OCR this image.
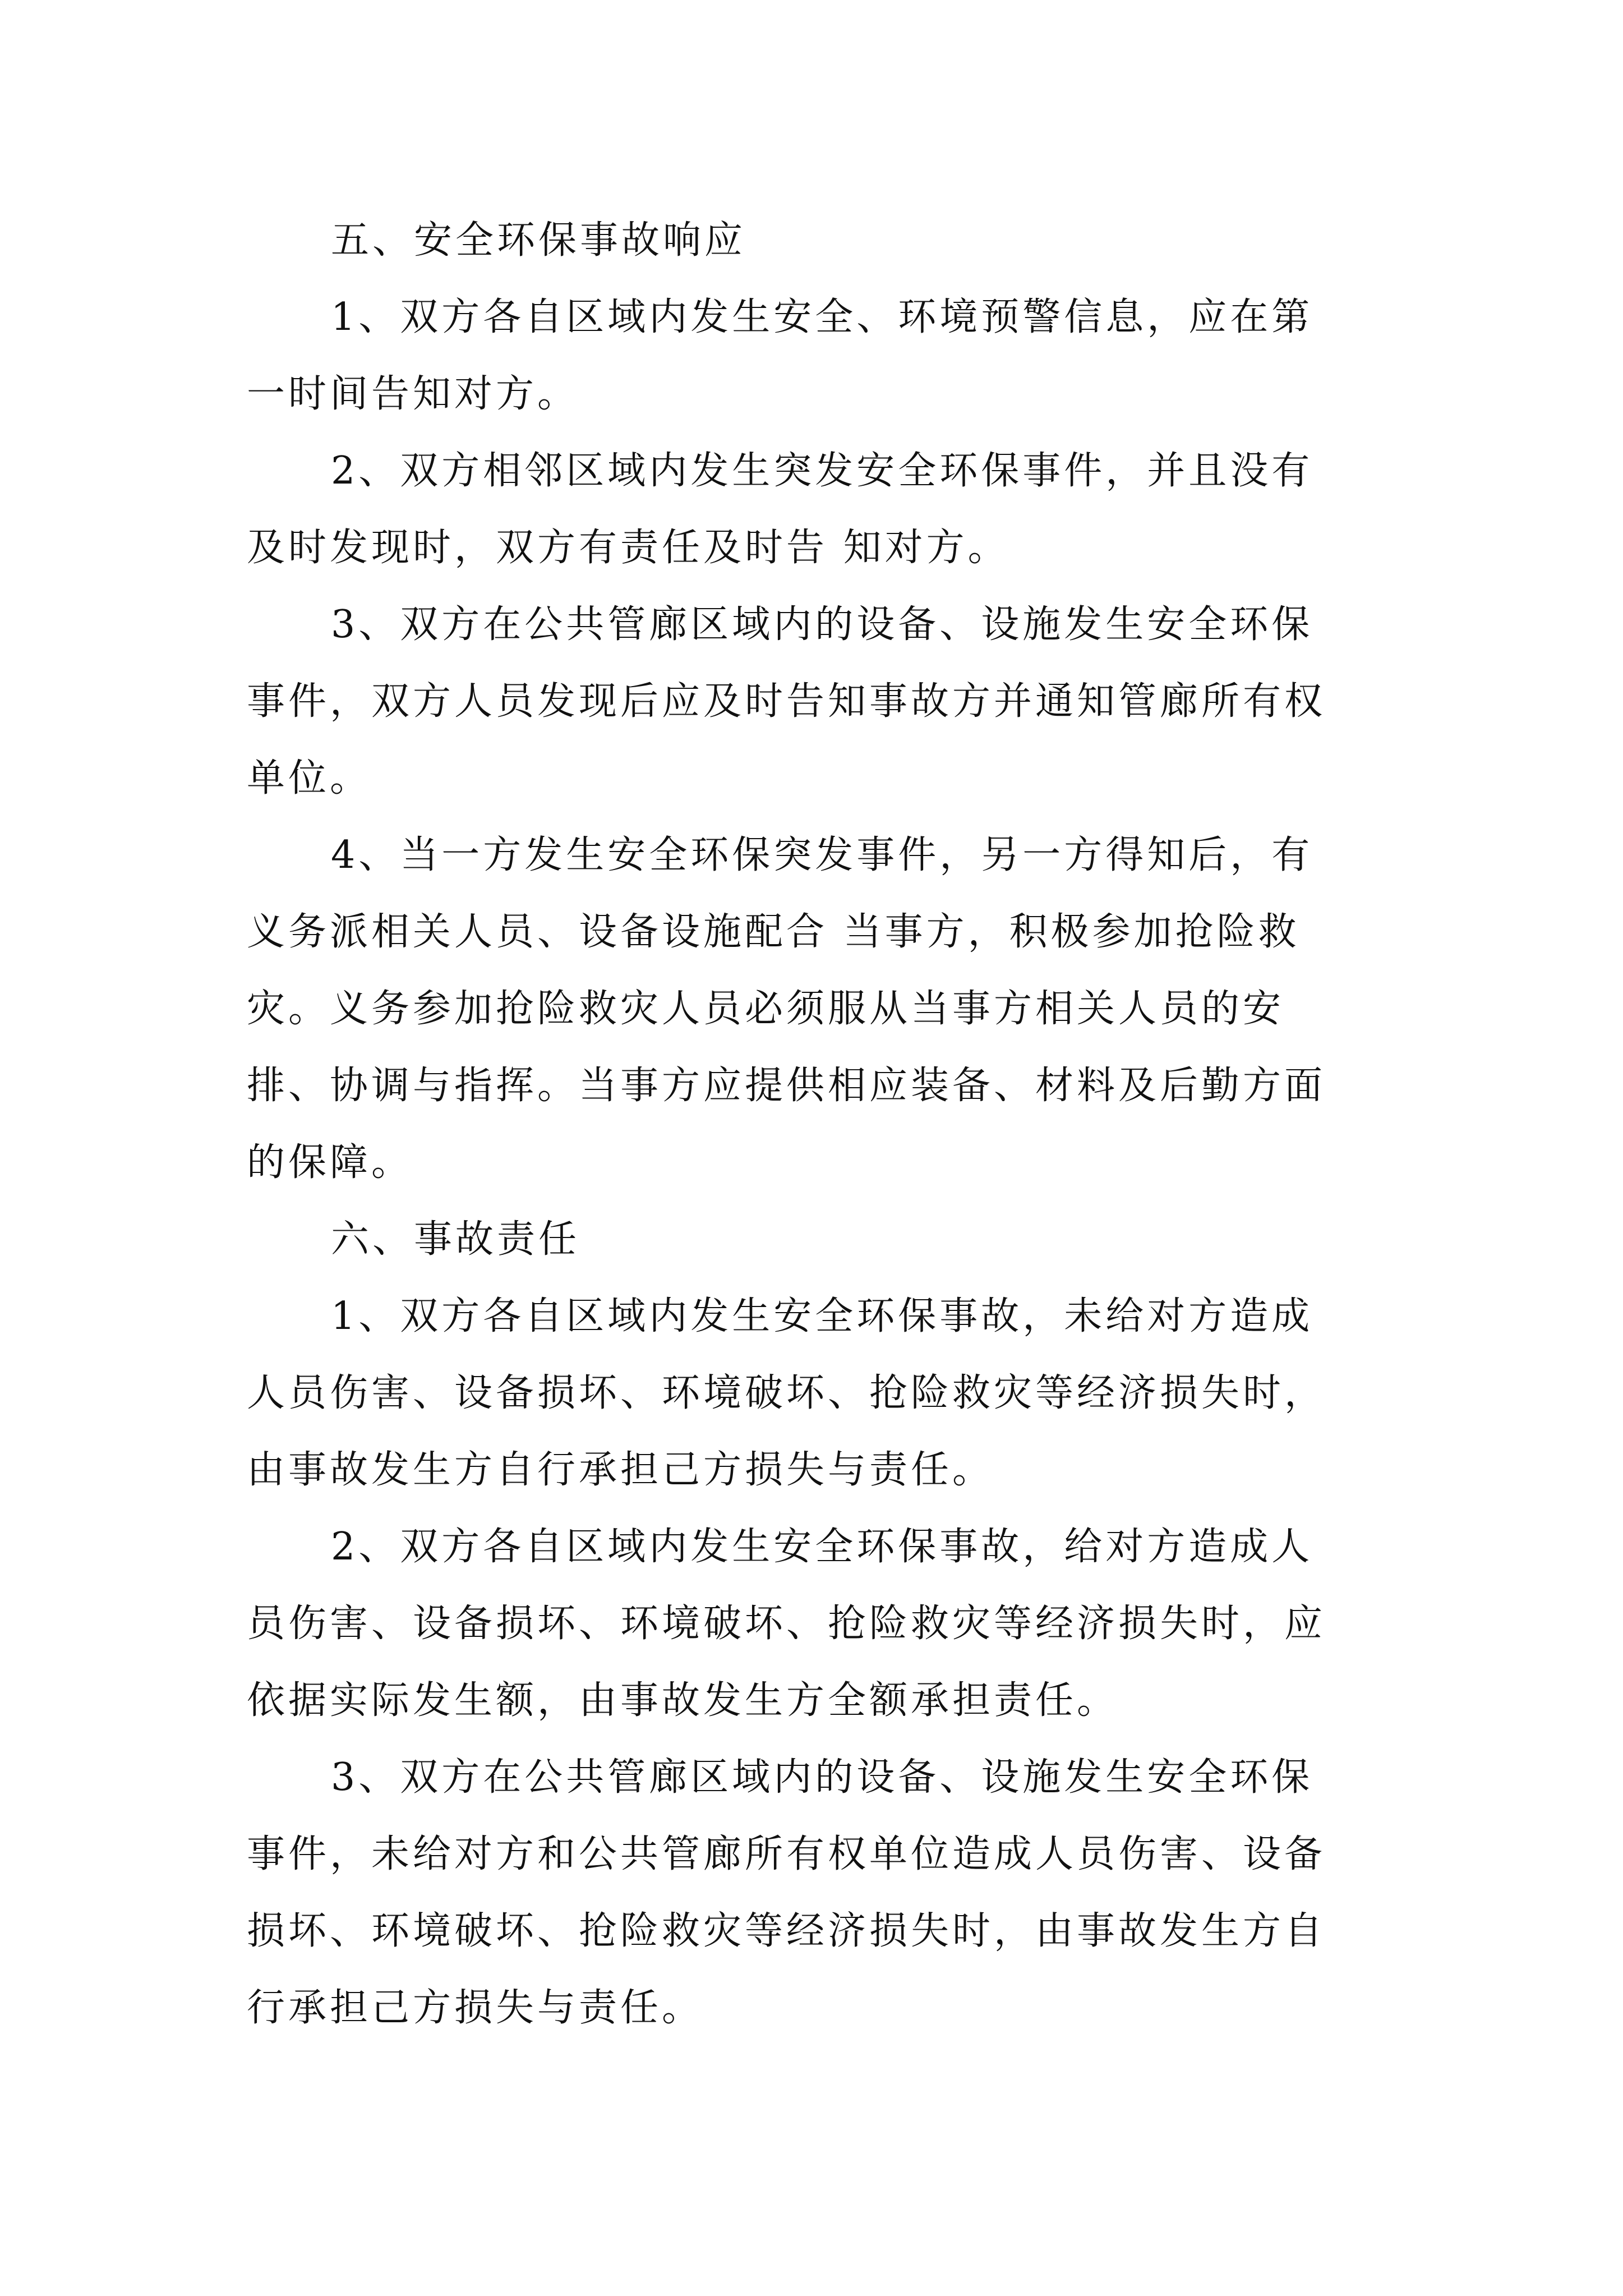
五、安全环保事故响应
1、双方各自区域内发生安全、环境预警信息，应在第
一时间告知对方。
2、双方相邻区域内发生突发安全环保事件，并且没有
及时发现时，双方有责任及时告 知对方。
3、双方在公共管廊区域内的设备、设施发生安全环保
事件，双方人员发现后应及时告知事故方并通知管廊所有权
单位。
4、当一方发生安全环保突发事件，另一方得知后，有
义务派相关人员、设备设施配合 当事方，积极参加抢险救
灾。义务参加抢险救灾人员必须服从当事方相关人员的安
排、协调与指挥。当事方应提供相应装备、材料及后勤方面
的保障。
六、事故责任
1、双方各自区域内发生安全环保事故，未给对方造成
人员伤害、设备损坏、环境破坏、抢险救灾等经济损失时，
由事故发生方自行承担己方损失与责任。
2、双方各自区域内发生安全环保事故，给对方造成人
员伤害、设备损坏、环境破坏、抢险救灾等经济损失时，应
依据实际发生额，由事故发生方全额承担责任。
3、双方在公共管廊区域内的设备、设施发生安全环保
事件，未给对方和公共管廊所有权单位造成人员伤害、设备
损坏、环境破坏、抢险救灾等经济损失时，由事故发生方自
行承担己方损失与责任。
